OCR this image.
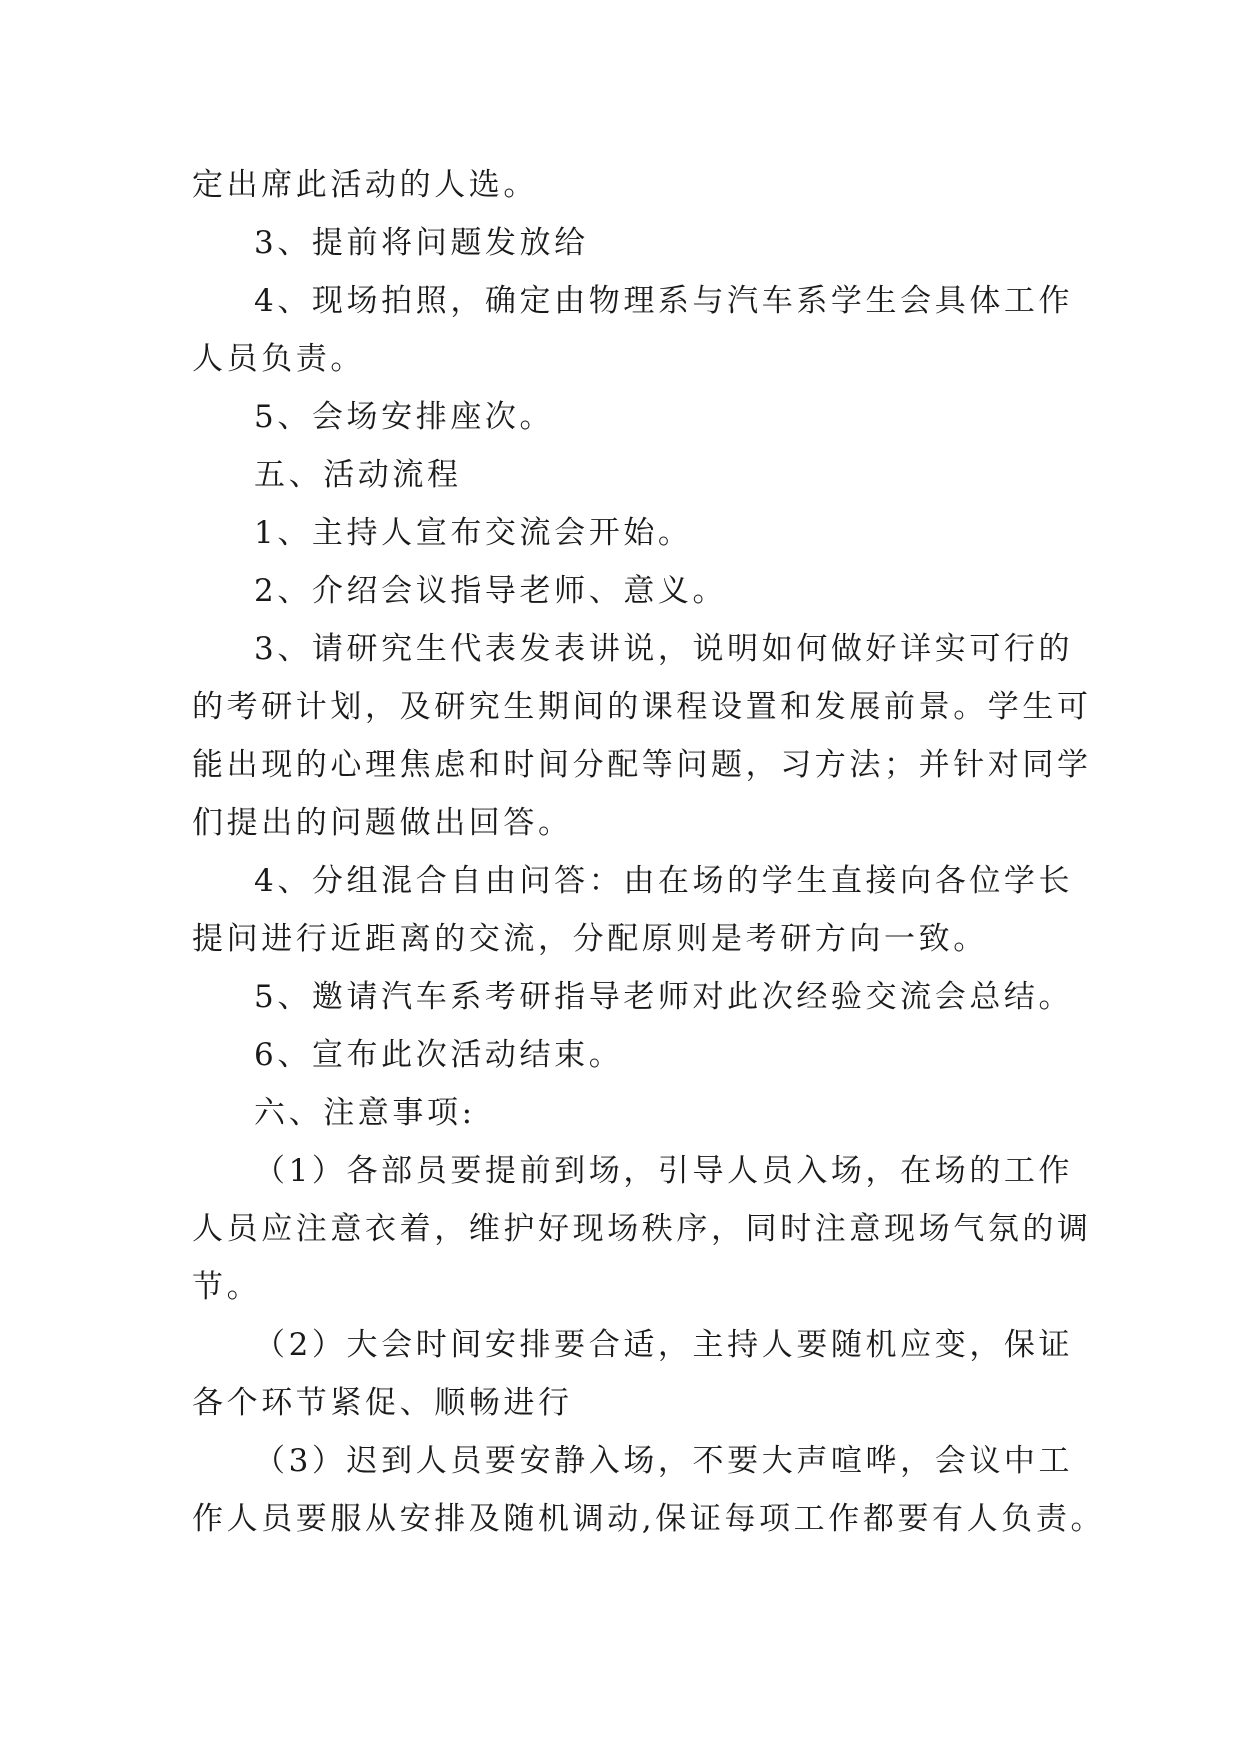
定出席此活动的人选。
3、提前将问题发放给
4、现场拍照，确定由物理系与汽车系学生会具体工作
人员负责。
5、会场安排座次。
五、活动流程
1、主持人宣布交流会开始。
2、介绍会议指导老师、意义。
3、请研究生代表发表讲说，说明如何做好详实可行的
的考研计划，及研究生期间的课程设置和发展前景。学生可
能出现的心理焦虑和时间分配等问题，习方法；并针对同学
们提出的问题做出回答。
4、分组混合自由问答：由在场的学生直接向各位学长
提问进行近距离的交流，分配原则是考研方向一致。
5、邀请汽车系考研指导老师对此次经验交流会总结。
6、宣布此次活动结束。
六、注意事项:
（1）各部员要提前到场，引导人员入场，在场的工作
人员应注意衣着，维护好现场秩序，同时注意现场气氛的调
节。
（2）大会时间安排要合适，主持人要随机应变，保证
各个环节紧促、顺畅进行
（3）迟到人员要安静入场，不要大声喧哗，会议中工
作人员要服从安排及随机调动,保证每项工作都要有人负责。
